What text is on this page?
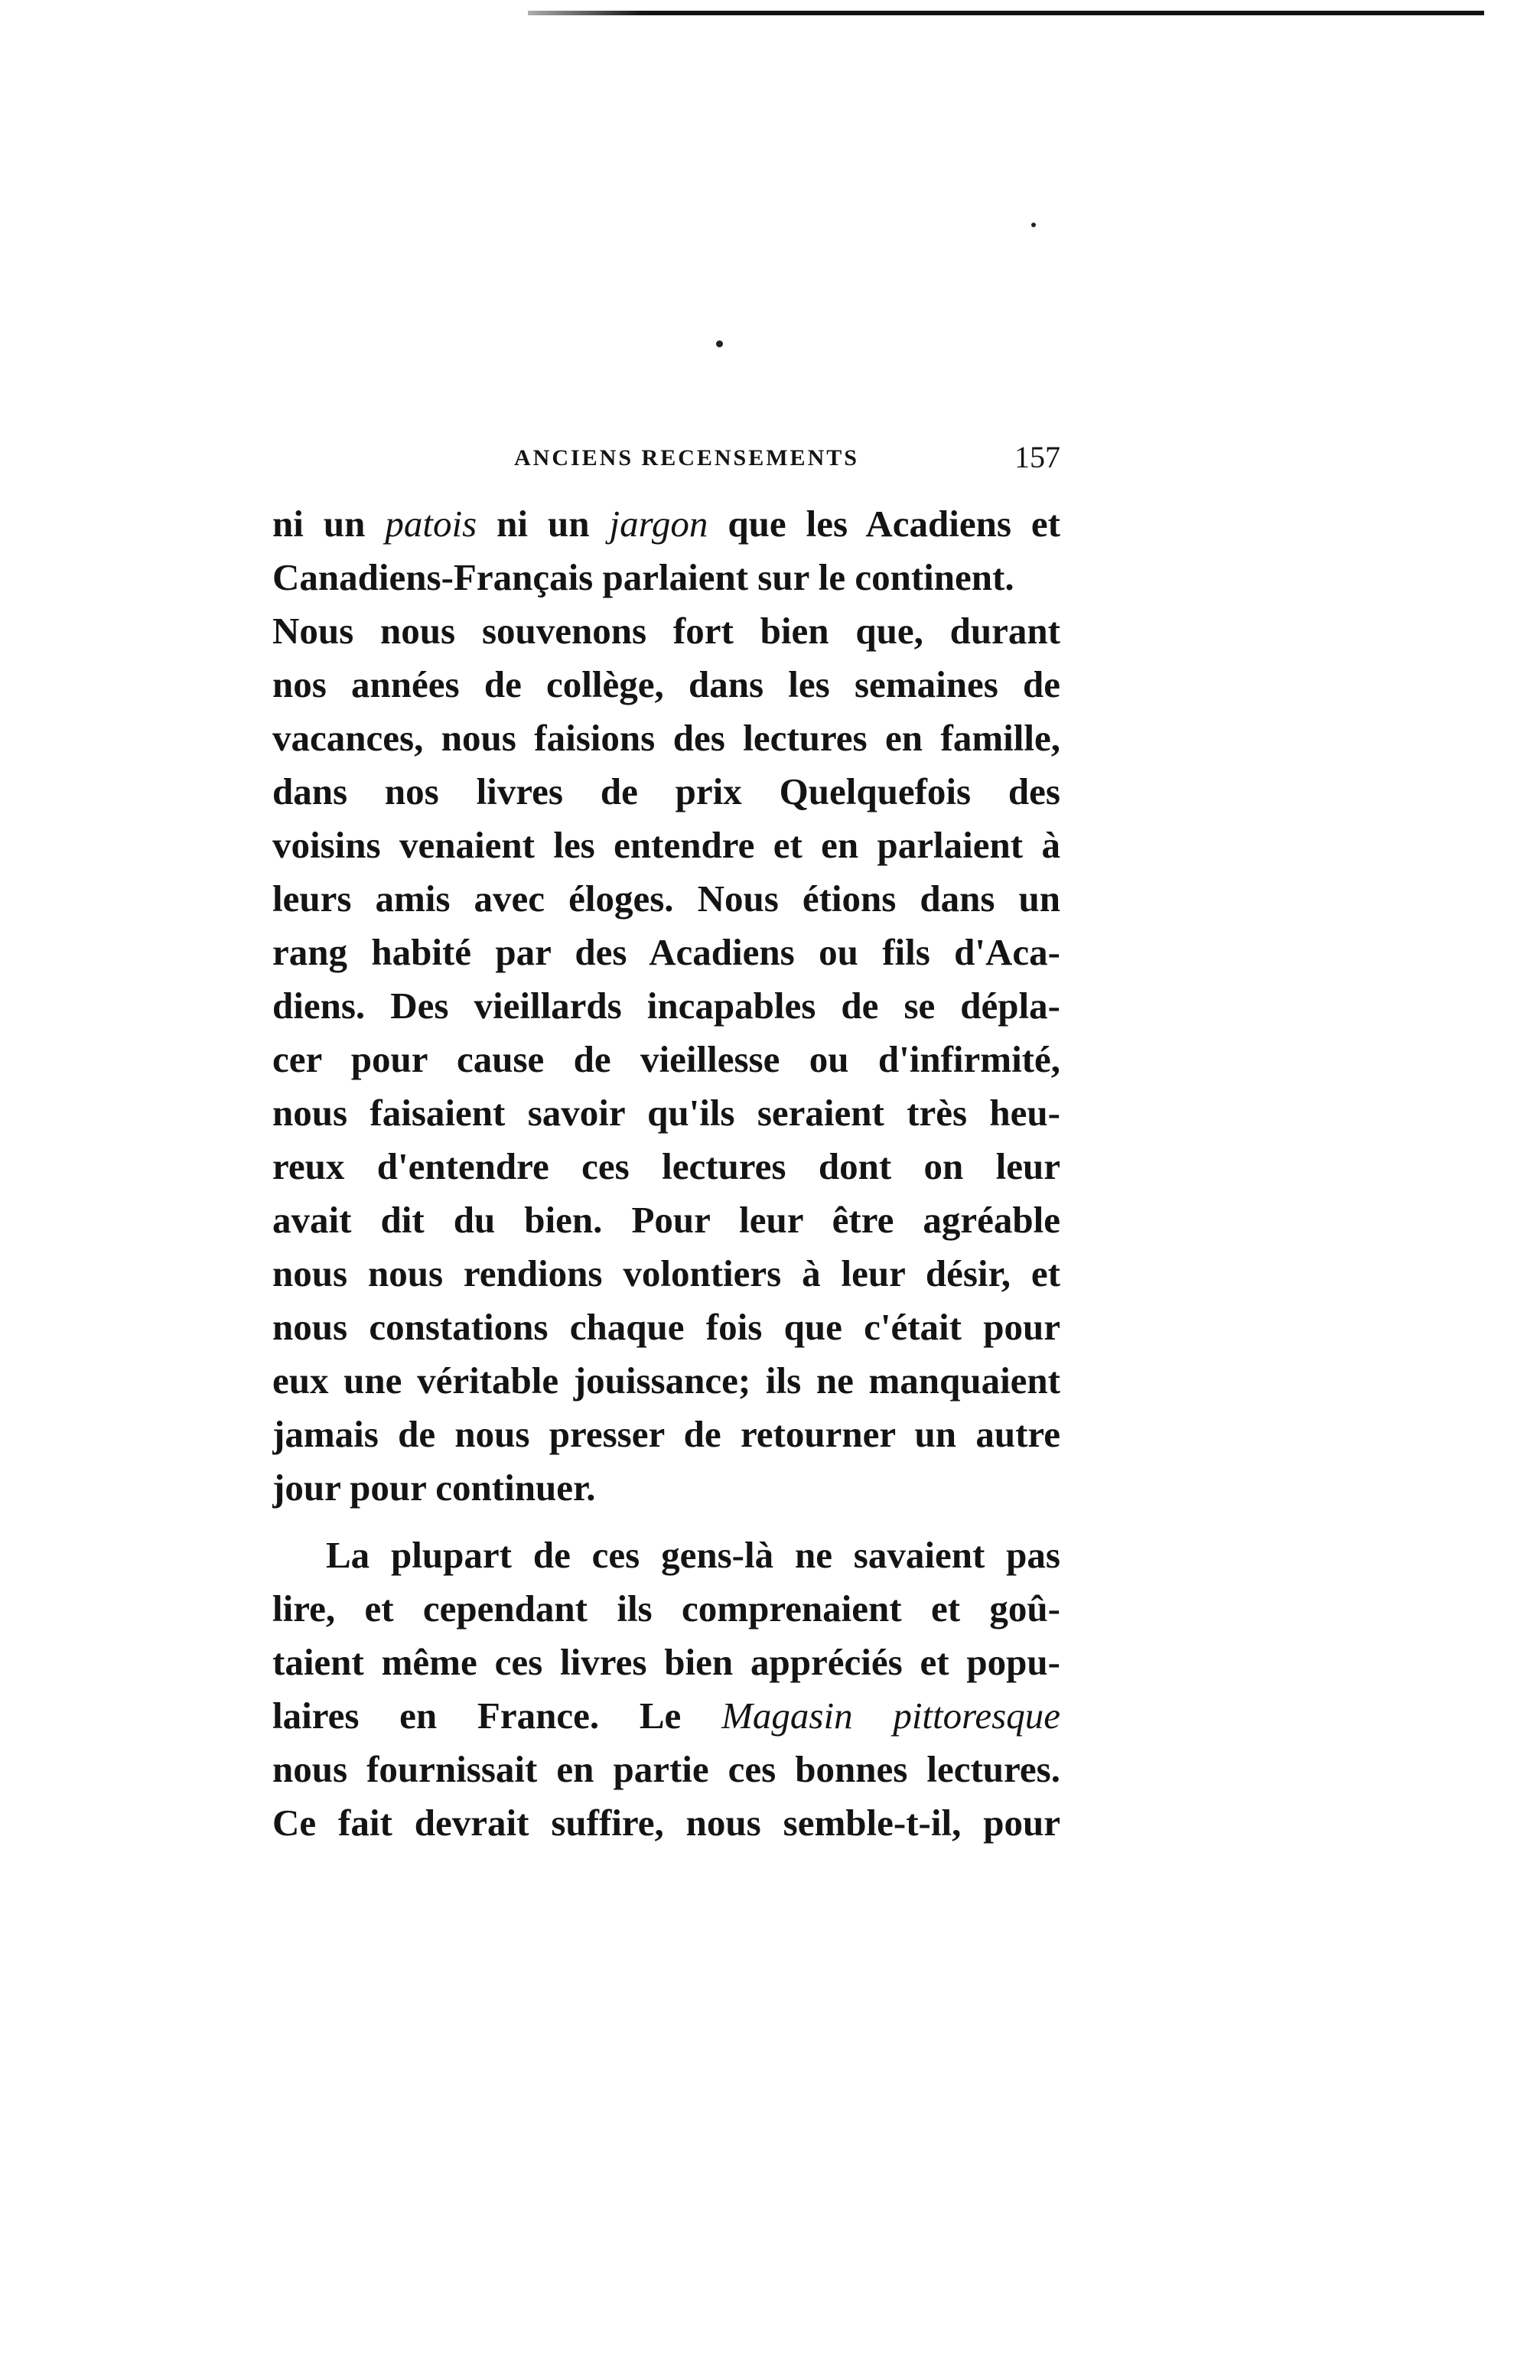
ANCIENS RECENSEMENTS	157
ni un patois ni un jargon que les Acadiens et
Canadiens-Français parlaient sur le continent.
Nous nous souvenons fort bien que, durant
nos années de collège, dans les semaines de
vacances, nous faisions des lectures en famille,
dans nos livres de prix Quelquefois des
voisins venaient les entendre et en parlaient à
leurs amis avec éloges. Nous étions dans un
rang habité par des Acadiens ou fils d'Aca-
diens. Des vieillards incapables de se dépla-
cer pour cause de vieillesse ou d'infirmité,
nous faisaient savoir qu'ils seraient très heu-
reux d'entendre ces lectures dont on leur
avait dit du bien. Pour leur être agréable
nous nous rendions volontiers à leur désir, et
nous constations chaque fois que c'était pour
eux une véritable jouissance; ils ne manquaient
jamais de nous presser de retourner un autre
jour pour continuer.
La plupart de ces gens-là ne savaient pas
lire, et cependant ils comprenaient et goû-
taient même ces livres bien appréciés et popu-
laires en France. Le Magasin pittoresque
nous fournissait en partie ces bonnes lectures.
Ce fait devrait suffire, nous semble-t-il, pour
